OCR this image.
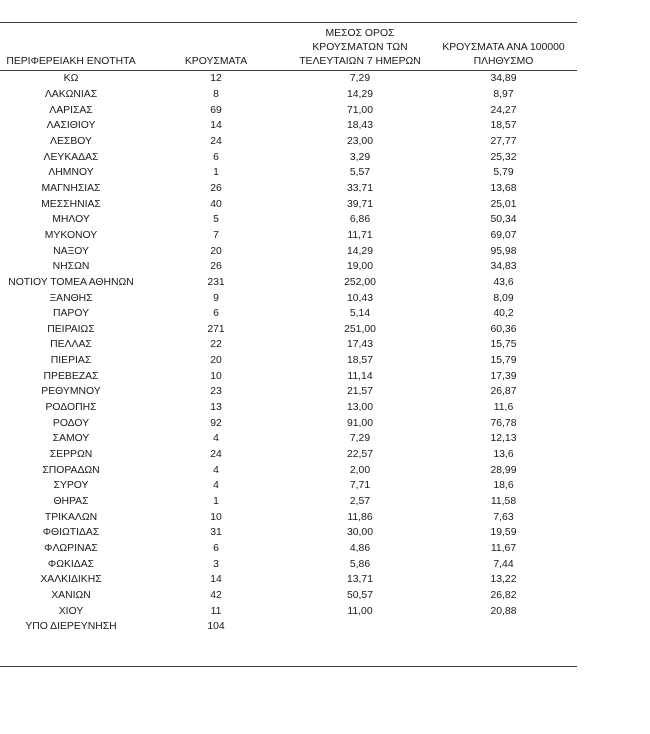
ΠΕΡΙΦΕΡΕΙΑΚΗ ΕΝΟΤΗΤΑ	ΚΡΟΥΣΜΑΤΑ	ΜΕΣΟΣ ΟΡΟΣ ΚΡΟΥΣΜΑΤΩΝ ΤΩΝ ΤΕΛΕΥΤΑΙΩΝ 7 ΗΜΕΡΩΝ	ΚΡΟΥΣΜΑΤΑ ΑΝΑ 100000 ΠΛΗΘΥΣΜΟ
ΚΩ	12	7,29	34,89
ΛΑΚΩΝΙΑΣ	8	14,29	8,97
ΛΑΡΙΣΑΣ	69	71,00	24,27
ΛΑΣΙΘΙΟΥ	14	18,43	18,57
ΛΕΣΒΟΥ	24	23,00	27,77
ΛΕΥΚΑΔΑΣ	6	3,29	25,32
ΛΗΜΝΟΥ	1	5,57	5,79
ΜΑΓΝΗΣΙΑΣ	26	33,71	13,68
ΜΕΣΣΗΝΙΑΣ	40	39,71	25,01
ΜΗΛΟΥ	5	6,86	50,34
ΜΥΚΟΝΟΥ	7	11,71	69,07
ΝΑΞΟΥ	20	14,29	95,98
ΝΗΣΩΝ	26	19,00	34,83
ΝΟΤΙΟΥ ΤΟΜΕΑ ΑΘΗΝΩΝ	231	252,00	43,6
ΞΑΝΘΗΣ	9	10,43	8,09
ΠΑΡΟΥ	6	5,14	40,2
ΠΕΙΡΑΙΩΣ	271	251,00	60,36
ΠΕΛΛΑΣ	22	17,43	15,75
ΠΙΕΡΙΑΣ	20	18,57	15,79
ΠΡΕΒΕΖΑΣ	10	11,14	17,39
ΡΕΘΥΜΝΟΥ	23	21,57	26,87
ΡΟΔΟΠΗΣ	13	13,00	11,6
ΡΟΔΟΥ	92	91,00	76,78
ΣΑΜΟΥ	4	7,29	12,13
ΣΕΡΡΩΝ	24	22,57	13,6
ΣΠΟΡΑΔΩΝ	4	2,00	28,99
ΣΥΡΟΥ	4	7,71	18,6
ΘΗΡΑΣ	1	2,57	11,58
ΤΡΙΚΑΛΩΝ	10	11,86	7,63
ΦΘΙΩΤΙΔΑΣ	31	30,00	19,59
ΦΛΩΡΙΝΑΣ	6	4,86	11,67
ΦΩΚΙΔΑΣ	3	5,86	7,44
ΧΑΛΚΙΔΙΚΗΣ	14	13,71	13,22
ΧΑΝΙΩΝ	42	50,57	26,82
ΧΙΟΥ	11	11,00	20,88
ΥΠΟ ΔΙΕΡΕΥΝΗΣΗ	104		
